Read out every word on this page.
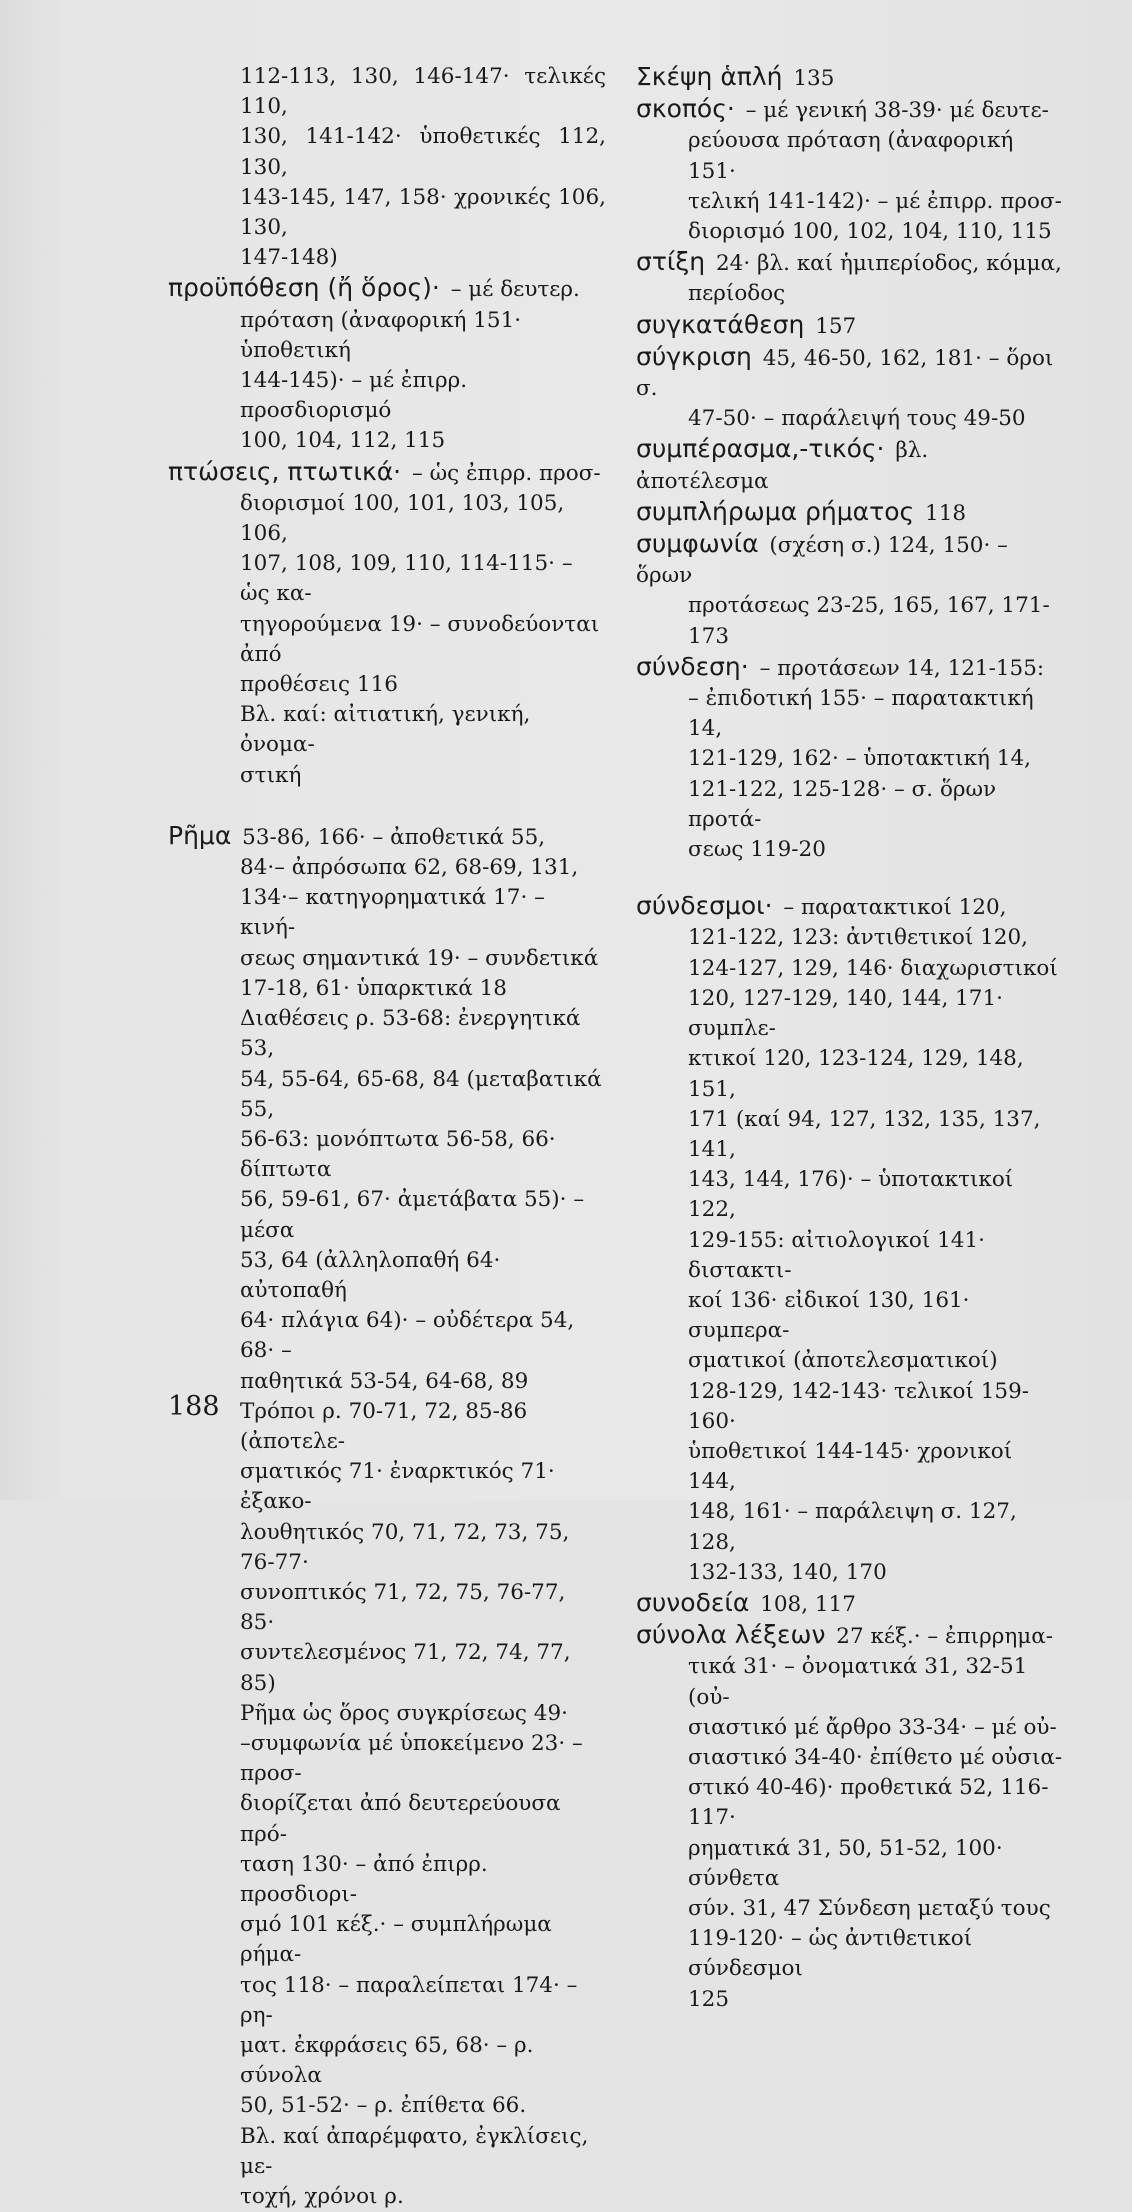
112-113, 130, 146-147· τελικές 110,
130, 141-142· ὑποθετικές 112, 130,
143-145, 147, 158· χρονικές 106, 130,
147-148)
προϋπόθεση (ἤ ὅρος)· – μέ δευτερ.
πρόταση (ἀναφορική 151· ὑποθετική
144-145)· – μέ ἐπιρρ. προσδιορισμό
100, 104, 112, 115
πτώσεις, πτωτικά· – ὡς ἐπιρρ. προσ-
διορισμοί 100, 101, 103, 105, 106,
107, 108, 109, 110, 114-115· – ὡς κα-
τηγορούμενα 19· – συνοδεύονται ἀπό
προθέσεις 116
Βλ. καί: αἰτιατική, γενική, ὀνομα-
στική
Ρῆμα 53-86, 166· – ἀποθετικά 55,
84·– ἀπρόσωπα 62, 68-69, 131,
134·– κατηγορηματικά 17· – κινή-
σεως σημαντικά 19· – συνδετικά
17-18, 61· ὑπαρκτικά 18
Διαθέσεις ρ. 53-68: ἐνεργητικά 53,
54, 55-64, 65-68, 84 (μεταβατικά 55,
56-63: μονόπτωτα 56-58, 66· δίπτωτα
56, 59-61, 67· ἀμετάβατα 55)· – μέσα
53, 64 (ἀλληλοπαθή 64· αὐτοπαθή
64· πλάγια 64)· – οὐδέτερα 54, 68· –
παθητικά 53-54, 64-68, 89
Τρόποι ρ. 70-71, 72, 85-86 (ἀποτελε-
σματικός 71· ἐναρκτικός 71· ἐξακο-
λουθητικός 70, 71, 72, 73, 75, 76-77·
συνοπτικός 71, 72, 75, 76-77, 85·
συντελεσμένος 71, 72, 74, 77, 85)
Ρῆμα ὡς ὅρος συγκρίσεως 49·
–συμφωνία μέ ὑποκείμενο 23· –προσ-
διορίζεται ἀπό δευτερεύουσα πρό-
ταση 130· – ἀπό ἐπιρρ. προσδιορι-
σμό 101 κέξ.· – συμπλήρωμα ρήμα-
τος 118· – παραλείπεται 174· – ρη-
ματ. ἐκφράσεις 65, 68· – ρ. σύνολα
50, 51-52· – ρ. ἐπίθετα 66.
Βλ. καί ἀπαρέμφατο, ἐγκλίσεις, με-
τοχή, χρόνοι ρ.
Σκέψη ἁπλή 135
σκοπός· – μέ γενική 38-39· μέ δευτε-
ρεύουσα πρόταση (ἀναφορική 151·
τελική 141-142)· – μέ ἐπιρρ. προσ-
διορισμό 100, 102, 104, 110, 115
στίξη 24· βλ. καί ἡμιπερίοδος, κόμμα,
περίοδος
συγκατάθεση 157
σύγκριση 45, 46-50, 162, 181· – ὅροι σ.
47-50· – παράλειψή τους 49-50
συμπέρασμα,-τικός· βλ. ἀποτέλεσμα
συμπλήρωμα ρήματος 118
συμφωνία (σχέση σ.) 124, 150· – ὅρων
προτάσεως 23-25, 165, 167, 171-173
σύνδεση· – προτάσεων 14, 121-155:
– ἐπιδοτική 155· – παρατακτική 14,
121-129, 162· – ὑποτακτική 14,
121-122, 125-128· – σ. ὅρων προτά-
σεως 119-20
σύνδεσμοι· – παρατακτικοί 120,
121-122, 123: ἀντιθετικοί 120,
124-127, 129, 146· διαχωριστικοί
120, 127-129, 140, 144, 171· συμπλε-
κτικοί 120, 123-124, 129, 148, 151,
171 (καί 94, 127, 132, 135, 137, 141,
143, 144, 176)· – ὑποτακτικοί 122,
129-155: αἰτιολογικοί 141· διστακτι-
κοί 136· εἰδικοί 130, 161· συμπερα-
σματικοί (ἀποτελεσματικοί)
128-129, 142-143· τελικοί 159-160·
ὑποθετικοί 144-145· χρονικοί 144,
148, 161· – παράλειψη σ. 127, 128,
132-133, 140, 170
συνοδεία 108, 117
σύνολα λέξεων 27 κέξ.· – ἐπιρρημα-
τικά 31· – ὀνοματικά 31, 32-51 (οὐ-
σιαστικό μέ ἄρθρο 33-34· – μέ οὐ-
σιαστικό 34-40· ἐπίθετο μέ οὐσια-
στικό 40-46)· προθετικά 52, 116-117·
ρηματικά 31, 50, 51-52, 100· σύνθετα
σύν. 31, 47 Σύνδεση μεταξύ τους
119-120· – ὡς ἀντιθετικοί σύνδεσμοι
125
188
